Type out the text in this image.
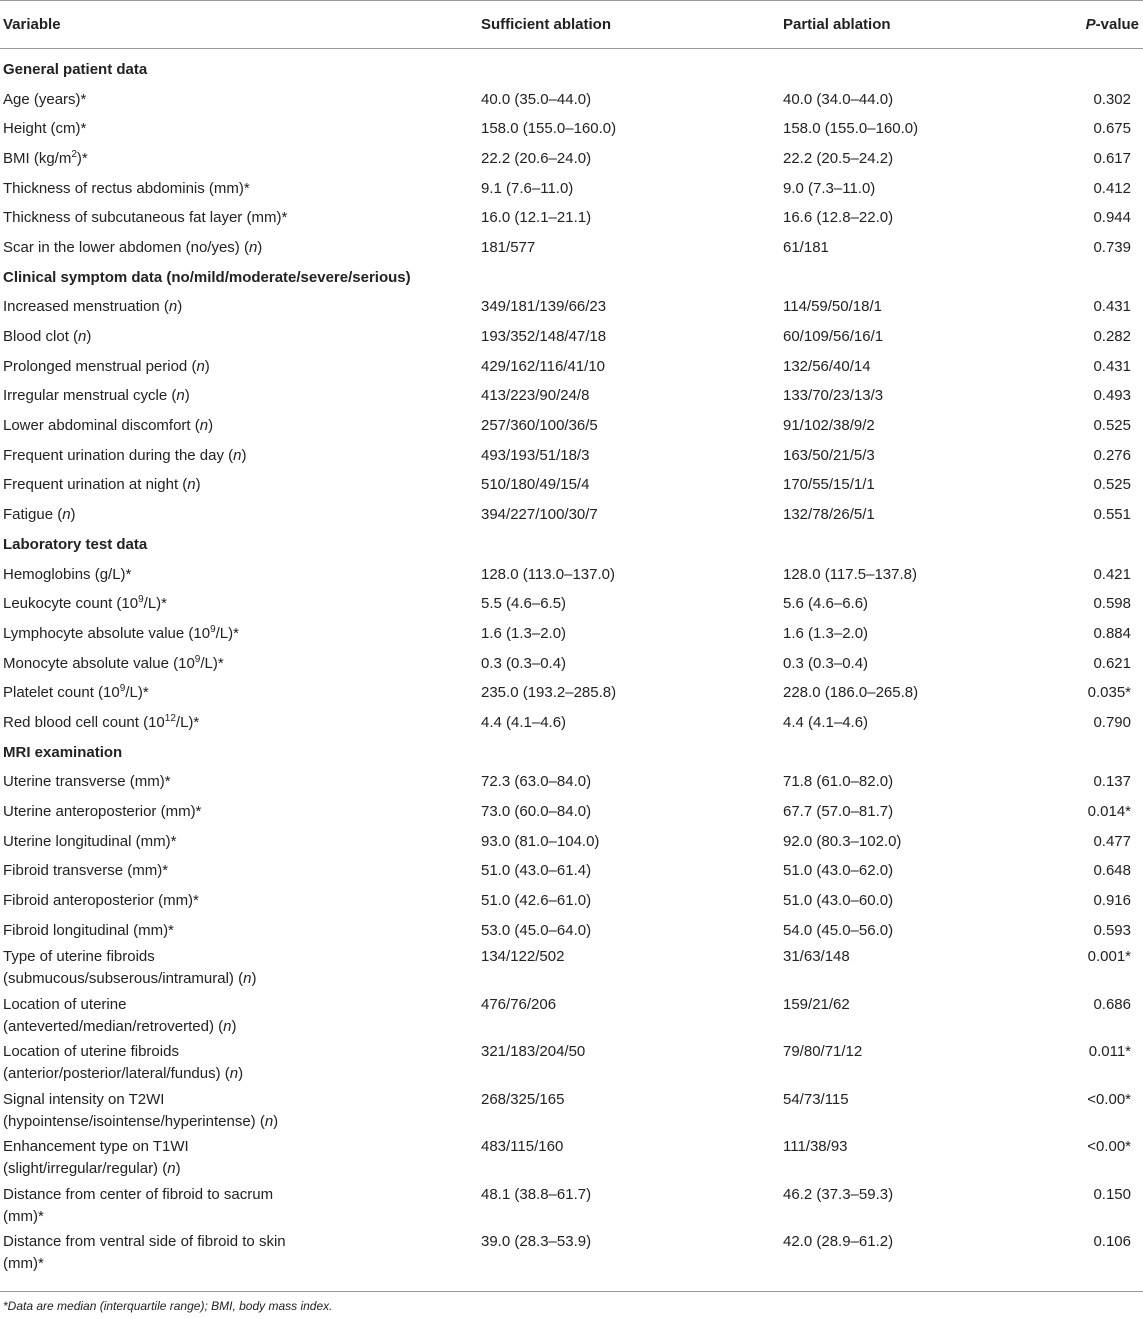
Variable	Sufficient ablation	Partial ablation	P-value
General patient data			
Age (years)*	40.0 (35.0–44.0)	40.0 (34.0–44.0)	0.302
Height (cm)*	158.0 (155.0–160.0)	158.0 (155.0–160.0)	0.675
BMI $(kg/m^2)*$	22.2 (20.6–24.0)	22.2 (20.5–24.2)	0.617
Thickness of rectus abdominis (mm)*	9.1 (7.6–11.0)	9.0 (7.3–11.0)	0.412
Thickness of subcutaneous fat layer (mm)*	16.0 (12.1–21.1)	16.6 (12.8–22.0)	0.944
Scar in the lower abdomen (no/yes) (n)	181/577	61/181	0.739
Clinical symptom data (no/mild/moderate/severe/serious)			
Increased menstruation (n)	349/181/139/66/23	114/59/50/18/1	0.431
Blood clot (n)	193/352/148/47/18	60/109/56/16/1	0.282
Prolonged menstrual period (n)	429/162/116/41/10	132/56/40/14	0.431
Irregular menstrual cycle (n)	413/223/90/24/8	133/70/23/13/3	0.493
Lower abdominal discomfort (n)	257/360/100/36/5	91/102/38/9/2	0.525
Frequent urination during the day (n)	493/193/51/18/3	163/50/21/5/3	0.276
Frequent urination at night (n)	510/180/49/15/4	170/55/15/1/1	0.525
Fatigue (n)	394/227/100/30/7	132/78/26/5/1	0.551
Laboratory test data			
Hemoglobins (g/L)*	128.0 (113.0–137.0)	128.0 (117.5–137.8)	0.421
Leukocyte count $(10^9/L)*$	5.5 (4.6–6.5)	5.6 (4.6–6.6)	0.598
Lymphocyte absolute value $(10^9/L)*$	1.6 (1.3–2.0)	1.6 (1.3–2.0)	0.884
Monocyte absolute value $(10^9/L)*$	0.3 (0.3–0.4)	0.3 (0.3–0.4)	0.621
Platelet count $(10^9/L)*$	235.0 (193.2–285.8)	228.0 (186.0–265.8)	0.035*
Red blood cell count $(10^{12}/L)*$	4.4 (4.1–4.6)	4.4 (4.1–4.6)	0.790
MRI examination			
Uterine transverse (mm)*	72.3 (63.0–84.0)	71.8 (61.0–82.0)	0.137
Uterine anteroposterior (mm)*	73.0 (60.0–84.0)	67.7 (57.0–81.7)	0.014*
Uterine longitudinal (mm)*	93.0 (81.0–104.0)	92.0 (80.3–102.0)	0.477
Fibroid transverse (mm)*	51.0 (43.0–61.4)	51.0 (43.0–62.0)	0.648
Fibroid anteroposterior (mm)*	51.0 (42.6–61.0)	51.0 (43.0–60.0)	0.916
Fibroid longitudinal (mm)*	53.0 (45.0–64.0)	54.0 (45.0–56.0)	0.593
Type of uterine fibroids
(submucous/subserous/intramural) (n)	134/122/502	31/63/148	0.001*
Location of uterine
(anteverted/median/retroverted) (n)	476/76/206	159/21/62	0.686
Location of uterine fibroids
(anterior/posterior/lateral/fundus) (n)	321/183/204/50	79/80/71/12	0.011*
Signal intensity on T2WI
(hypointense/isointense/hyperintense) (n)	268/325/165	54/73/115	<0.00*
Enhancement type on T1WI
(slight/irregular/regular) (n)	483/115/160	111/38/93	<0.00*
Distance from center of fibroid to sacrum
(mm)*	48.1 (38.8–61.7)	46.2 (37.3–59.3)	0.150
Distance from ventral side of fibroid to skin
(mm)*	39.0 (28.3–53.9)	42.0 (28.9–61.2)	0.106
*Data are median (interquartile range); BMI, body mass index.
